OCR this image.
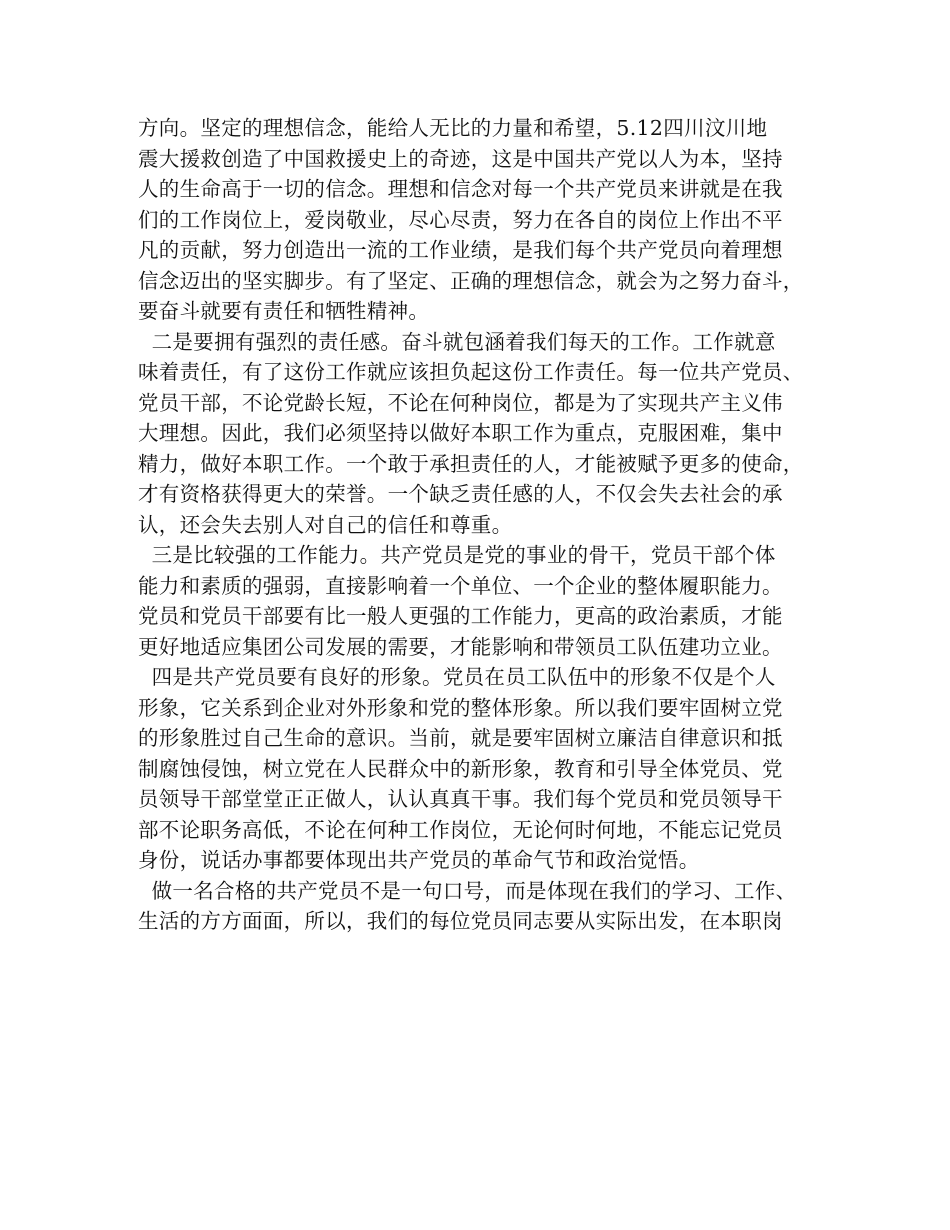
方向。坚定的理想信念，能给人无比的力量和希望，5.12四川汶川地
震大援救创造了中国救援史上的奇迹，这是中国共产党以人为本，坚持
人的生命高于一切的信念。理想和信念对每一个共产党员来讲就是在我
们的工作岗位上，爱岗敬业，尽心尽责，努力在各自的岗位上作出不平
凡的贡献，努力创造出一流的工作业绩，是我们每个共产党员向着理想
信念迈出的坚实脚步。有了坚定、正确的理想信念，就会为之努力奋斗，
要奋斗就要有责任和牺牲精神。
二是要拥有强烈的责任感。奋斗就包涵着我们每天的工作。工作就意
味着责任，有了这份工作就应该担负起这份工作责任。每一位共产党员、
党员干部，不论党龄长短，不论在何种岗位，都是为了实现共产主义伟
大理想。因此，我们必须坚持以做好本职工作为重点，克服困难，集中
精力，做好本职工作。一个敢于承担责任的人，才能被赋予更多的使命，
才有资格获得更大的荣誉。一个缺乏责任感的人，不仅会失去社会的承
认，还会失去别人对自己的信任和尊重。
三是比较强的工作能力。共产党员是党的事业的骨干，党员干部个体
能力和素质的强弱，直接影响着一个单位、一个企业的整体履职能力。
党员和党员干部要有比一般人更强的工作能力，更高的政治素质，才能
更好地适应集团公司发展的需要，才能影响和带领员工队伍建功立业。
四是共产党员要有良好的形象。党员在员工队伍中的形象不仅是个人
形象，它关系到企业对外形象和党的整体形象。所以我们要牢固树立党
的形象胜过自己生命的意识。当前，就是要牢固树立廉洁自律意识和抵
制腐蚀侵蚀，树立党在人民群众中的新形象，教育和引导全体党员、党
员领导干部堂堂正正做人，认认真真干事。我们每个党员和党员领导干
部不论职务高低，不论在何种工作岗位，无论何时何地，不能忘记党员
身份，说话办事都要体现出共产党员的革命气节和政治觉悟。
做一名合格的共产党员不是一句口号，而是体现在我们的学习、工作、
生活的方方面面，所以，我们的每位党员同志要从实际出发，在本职岗
